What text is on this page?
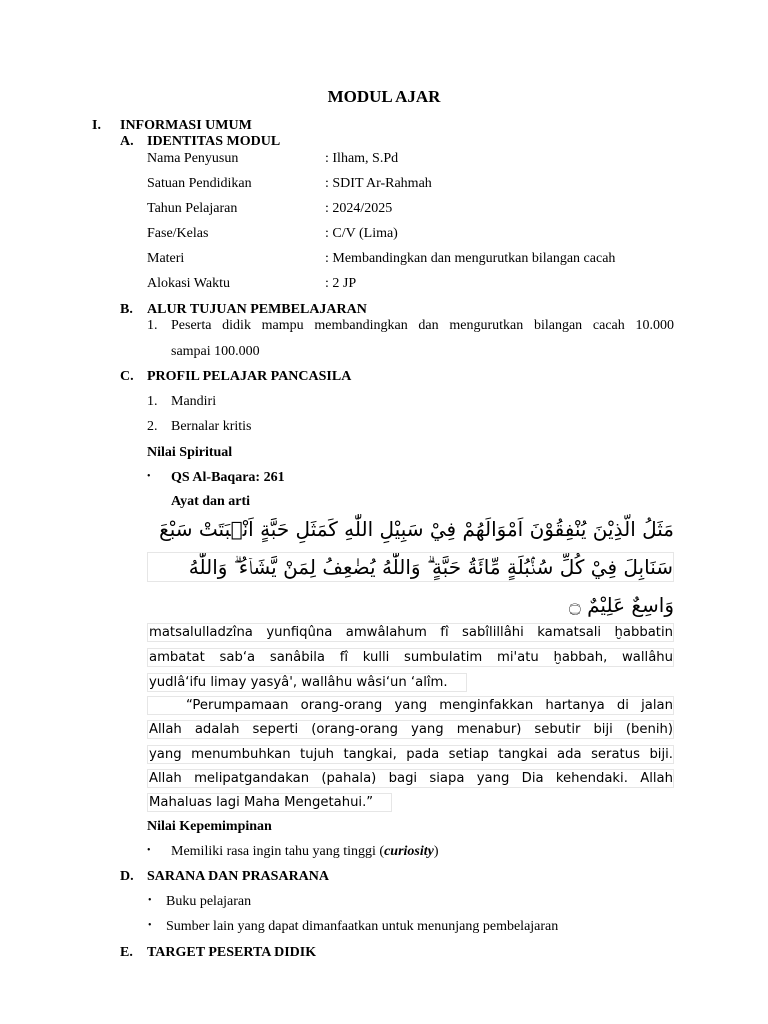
MODUL AJAR
I. INFORMASI UMUM
A. IDENTITAS MODUL
Nama Penyusun	: Ilham, S.Pd
Satuan Pendidikan	: SDIT Ar-Rahmah
Tahun Pelajaran	: 2024/2025
Fase/Kelas	: C/V (Lima)
Materi	: Membandingkan dan mengurutkan bilangan cacah
Alokasi Waktu	: 2 JP
B. ALUR TUJUAN PEMBELAJARAN
1. Peserta didik mampu membandingkan dan mengurutkan bilangan cacah 10.000
sampai 100.000
C. PROFIL PELAJAR PANCASILA
1. Mandiri
2. Bernalar kritis
Nilai Spiritual
• QS Al-Baqara: 261
Ayat dan arti
مَثَلُ الَّذِيْنَ يُنْفِقُوْنَ اَمْوَالَهُمْ فِيْ سَبِيْلِ اللّٰهِ كَمَثَلِ حَبَّةٍ اَنْۢبَتَتْ سَبْعَ
سَنَابِلَ فِيْ كُلِّ سُنْۢبُلَةٍ مِّائَةُ حَبَّةٍ ۗ وَاللّٰهُ يُضٰعِفُ لِمَنْ يَّشَاۤءُ ۗ وَاللّٰهُ
وَاسِعٌ عَلِيْمٌ ۝
matsalulladzîna yunfiqûna amwâlahum fî sabîlillâhi kamatsali ḫabbatin
ambatat sab‘a sanâbila fî kulli sumbulatim mi'atu ḫabbah, wallâhu
yudlâ‘ifu limay yasyâ', wallâhu wâsi‘un ‘alîm.
“Perumpamaan orang-orang yang menginfakkan hartanya di jalan
Allah adalah seperti (orang-orang yang menabur) sebutir biji (benih)
yang menumbuhkan tujuh tangkai, pada setiap tangkai ada seratus biji.
Allah melipatgandakan (pahala) bagi siapa yang Dia kehendaki. Allah
Mahaluas lagi Maha Mengetahui.”
Nilai Kepemimpinan
• Memiliki rasa ingin tahu yang tinggi (curiosity)
D. SARANA DAN PRASARANA
• Buku pelajaran
• Sumber lain yang dapat dimanfaatkan untuk menunjang pembelajaran
E. TARGET PESERTA DIDIK
